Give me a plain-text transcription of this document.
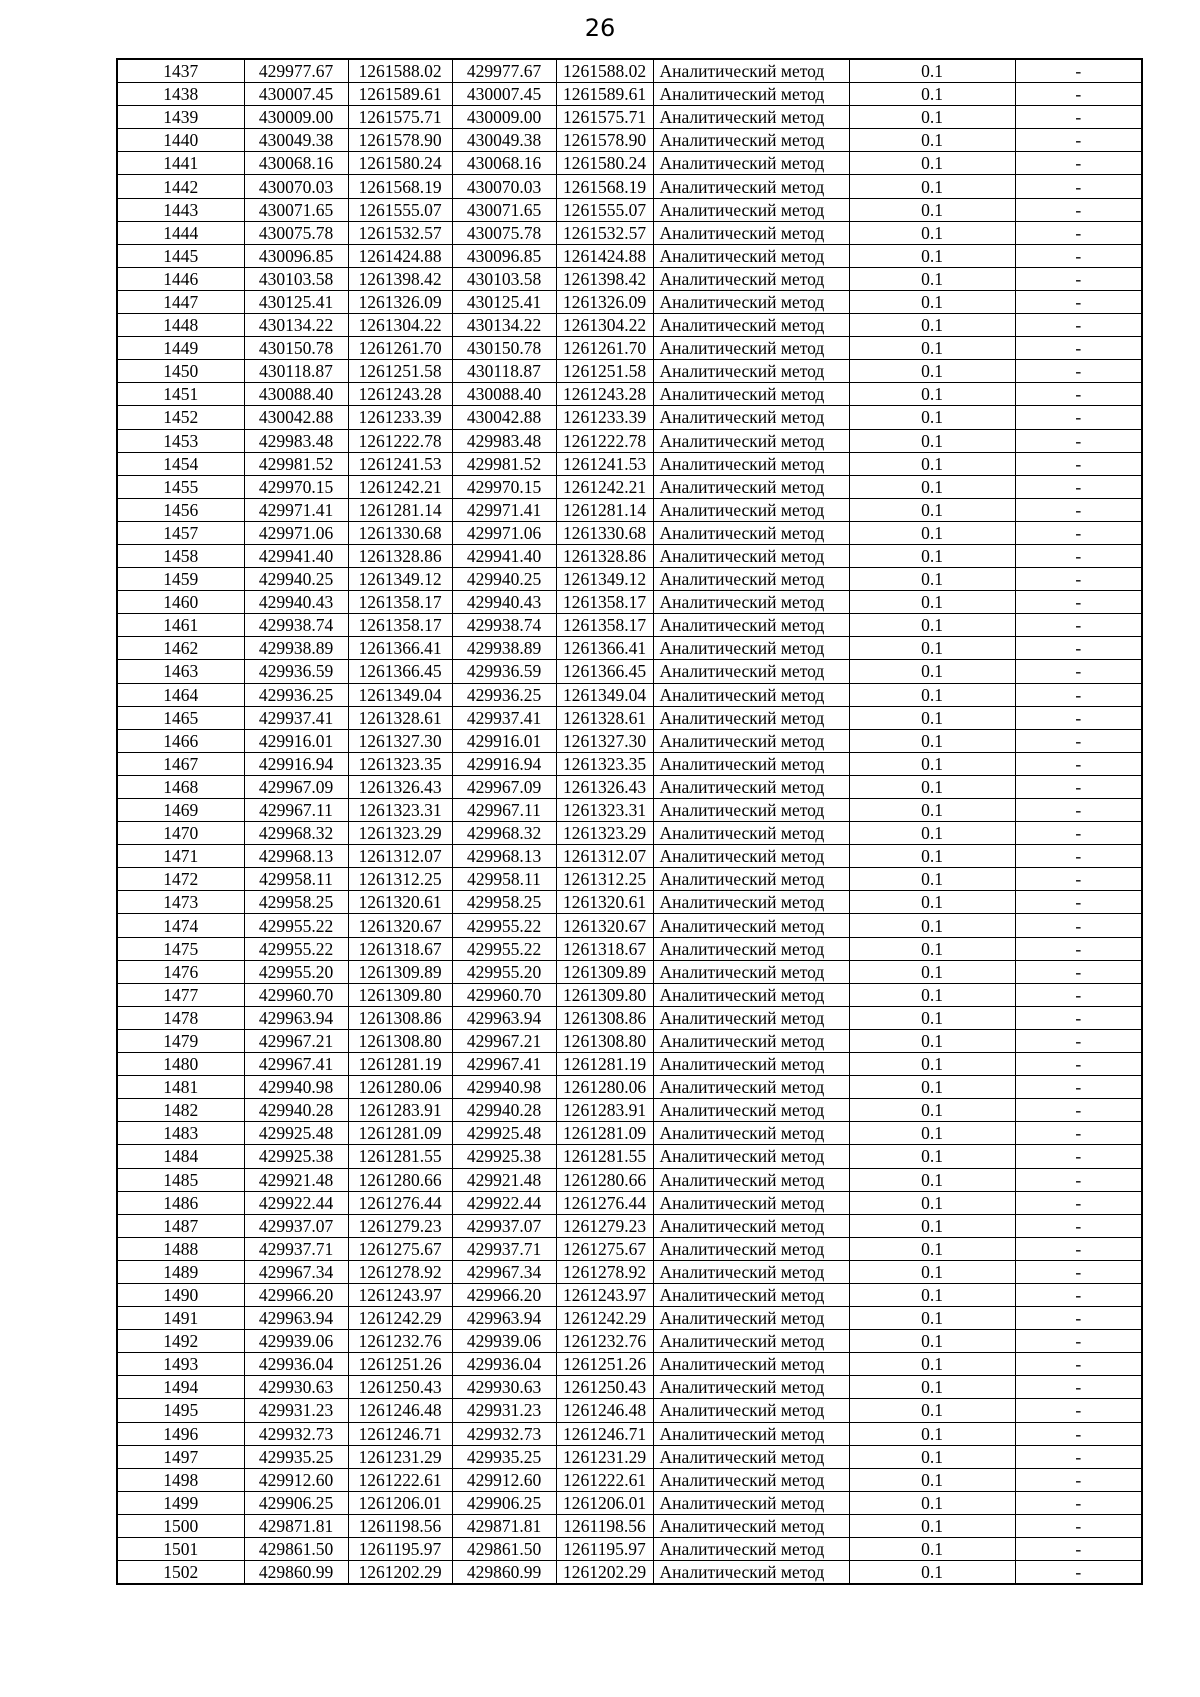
26
1437	429977.67	1261588.02	429977.67	1261588.02	Аналитический метод	0.1	-
1438	430007.45	1261589.61	430007.45	1261589.61	Аналитический метод	0.1	-
1439	430009.00	1261575.71	430009.00	1261575.71	Аналитический метод	0.1	-
1440	430049.38	1261578.90	430049.38	1261578.90	Аналитический метод	0.1	-
1441	430068.16	1261580.24	430068.16	1261580.24	Аналитический метод	0.1	-
1442	430070.03	1261568.19	430070.03	1261568.19	Аналитический метод	0.1	-
1443	430071.65	1261555.07	430071.65	1261555.07	Аналитический метод	0.1	-
1444	430075.78	1261532.57	430075.78	1261532.57	Аналитический метод	0.1	-
1445	430096.85	1261424.88	430096.85	1261424.88	Аналитический метод	0.1	-
1446	430103.58	1261398.42	430103.58	1261398.42	Аналитический метод	0.1	-
1447	430125.41	1261326.09	430125.41	1261326.09	Аналитический метод	0.1	-
1448	430134.22	1261304.22	430134.22	1261304.22	Аналитический метод	0.1	-
1449	430150.78	1261261.70	430150.78	1261261.70	Аналитический метод	0.1	-
1450	430118.87	1261251.58	430118.87	1261251.58	Аналитический метод	0.1	-
1451	430088.40	1261243.28	430088.40	1261243.28	Аналитический метод	0.1	-
1452	430042.88	1261233.39	430042.88	1261233.39	Аналитический метод	0.1	-
1453	429983.48	1261222.78	429983.48	1261222.78	Аналитический метод	0.1	-
1454	429981.52	1261241.53	429981.52	1261241.53	Аналитический метод	0.1	-
1455	429970.15	1261242.21	429970.15	1261242.21	Аналитический метод	0.1	-
1456	429971.41	1261281.14	429971.41	1261281.14	Аналитический метод	0.1	-
1457	429971.06	1261330.68	429971.06	1261330.68	Аналитический метод	0.1	-
1458	429941.40	1261328.86	429941.40	1261328.86	Аналитический метод	0.1	-
1459	429940.25	1261349.12	429940.25	1261349.12	Аналитический метод	0.1	-
1460	429940.43	1261358.17	429940.43	1261358.17	Аналитический метод	0.1	-
1461	429938.74	1261358.17	429938.74	1261358.17	Аналитический метод	0.1	-
1462	429938.89	1261366.41	429938.89	1261366.41	Аналитический метод	0.1	-
1463	429936.59	1261366.45	429936.59	1261366.45	Аналитический метод	0.1	-
1464	429936.25	1261349.04	429936.25	1261349.04	Аналитический метод	0.1	-
1465	429937.41	1261328.61	429937.41	1261328.61	Аналитический метод	0.1	-
1466	429916.01	1261327.30	429916.01	1261327.30	Аналитический метод	0.1	-
1467	429916.94	1261323.35	429916.94	1261323.35	Аналитический метод	0.1	-
1468	429967.09	1261326.43	429967.09	1261326.43	Аналитический метод	0.1	-
1469	429967.11	1261323.31	429967.11	1261323.31	Аналитический метод	0.1	-
1470	429968.32	1261323.29	429968.32	1261323.29	Аналитический метод	0.1	-
1471	429968.13	1261312.07	429968.13	1261312.07	Аналитический метод	0.1	-
1472	429958.11	1261312.25	429958.11	1261312.25	Аналитический метод	0.1	-
1473	429958.25	1261320.61	429958.25	1261320.61	Аналитический метод	0.1	-
1474	429955.22	1261320.67	429955.22	1261320.67	Аналитический метод	0.1	-
1475	429955.22	1261318.67	429955.22	1261318.67	Аналитический метод	0.1	-
1476	429955.20	1261309.89	429955.20	1261309.89	Аналитический метод	0.1	-
1477	429960.70	1261309.80	429960.70	1261309.80	Аналитический метод	0.1	-
1478	429963.94	1261308.86	429963.94	1261308.86	Аналитический метод	0.1	-
1479	429967.21	1261308.80	429967.21	1261308.80	Аналитический метод	0.1	-
1480	429967.41	1261281.19	429967.41	1261281.19	Аналитический метод	0.1	-
1481	429940.98	1261280.06	429940.98	1261280.06	Аналитический метод	0.1	-
1482	429940.28	1261283.91	429940.28	1261283.91	Аналитический метод	0.1	-
1483	429925.48	1261281.09	429925.48	1261281.09	Аналитический метод	0.1	-
1484	429925.38	1261281.55	429925.38	1261281.55	Аналитический метод	0.1	-
1485	429921.48	1261280.66	429921.48	1261280.66	Аналитический метод	0.1	-
1486	429922.44	1261276.44	429922.44	1261276.44	Аналитический метод	0.1	-
1487	429937.07	1261279.23	429937.07	1261279.23	Аналитический метод	0.1	-
1488	429937.71	1261275.67	429937.71	1261275.67	Аналитический метод	0.1	-
1489	429967.34	1261278.92	429967.34	1261278.92	Аналитический метод	0.1	-
1490	429966.20	1261243.97	429966.20	1261243.97	Аналитический метод	0.1	-
1491	429963.94	1261242.29	429963.94	1261242.29	Аналитический метод	0.1	-
1492	429939.06	1261232.76	429939.06	1261232.76	Аналитический метод	0.1	-
1493	429936.04	1261251.26	429936.04	1261251.26	Аналитический метод	0.1	-
1494	429930.63	1261250.43	429930.63	1261250.43	Аналитический метод	0.1	-
1495	429931.23	1261246.48	429931.23	1261246.48	Аналитический метод	0.1	-
1496	429932.73	1261246.71	429932.73	1261246.71	Аналитический метод	0.1	-
1497	429935.25	1261231.29	429935.25	1261231.29	Аналитический метод	0.1	-
1498	429912.60	1261222.61	429912.60	1261222.61	Аналитический метод	0.1	-
1499	429906.25	1261206.01	429906.25	1261206.01	Аналитический метод	0.1	-
1500	429871.81	1261198.56	429871.81	1261198.56	Аналитический метод	0.1	-
1501	429861.50	1261195.97	429861.50	1261195.97	Аналитический метод	0.1	-
1502	429860.99	1261202.29	429860.99	1261202.29	Аналитический метод	0.1	-
